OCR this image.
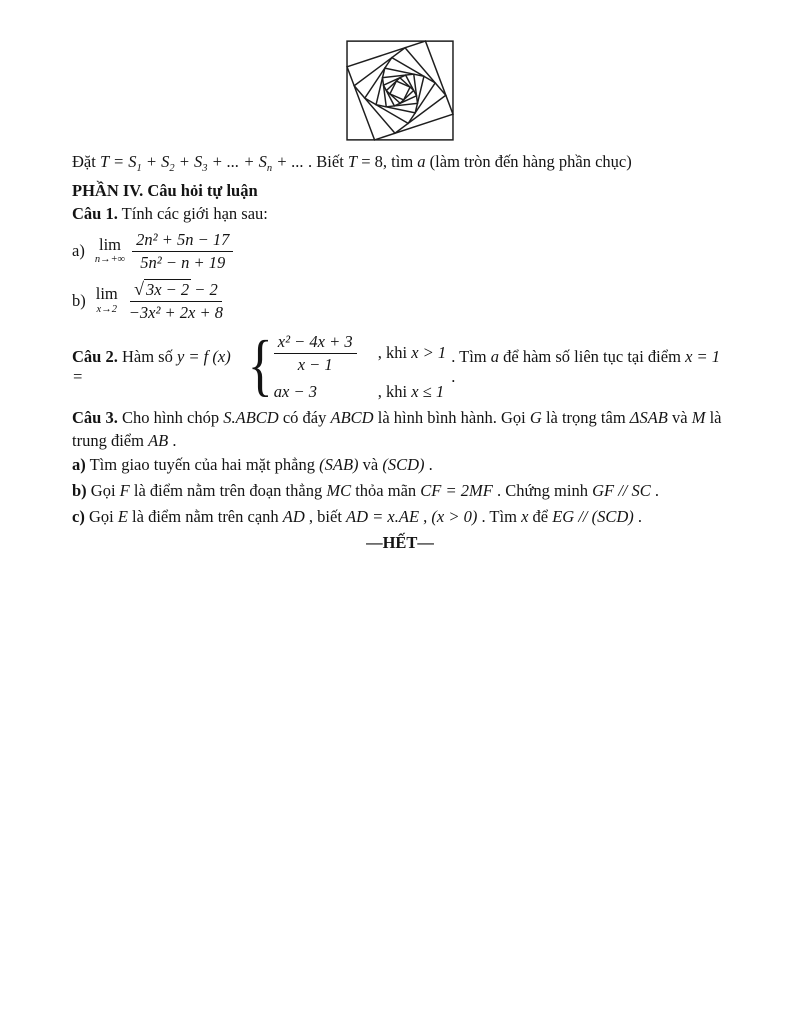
Đặt $T = S_1 + S_2 + S_3$ + ... + $S_n$ + ... . Biết T = 8, tìm a (làm tròn đến hàng phần chục)

PHẦN IV. Câu hỏi tự luận

Câu 1. Tính các giới hạn sau:

a) lim
$n\to+\infty \frac{\text{2n² + 5n − 17}}{\text{5n² − n + 19}}$
b) lim
$x\to 2 \frac{√ 3x - 2 - 2}{\text{−3x² + 2x + 8}}$
Câu 2. Hàm số y = f (x) =	{ $\frac{\text{x² − 4x + 3}}{x - 1}$ , khi x > 1
ax − 3	, khi x ≤ 1
. Tìm a để hàm số liên tục tại điểm x = 1 .

Câu 3. Cho hình chóp S.ABCD có đáy ABCD là hình bình hành. Gọi G là trọng tâm ΔSAB và M là trung điểm AB .

a) Tìm giao tuyến của hai mặt phẳng (SAB) và (SCD) .

b) Gọi F là điểm nằm trên đoạn thẳng MC thỏa mãn CF = 2MF . Chứng minh GF // SC .

c) Gọi E là điểm nằm trên cạnh AD , biết AD = x.AE , (x > 0) . Tìm x để EG // (SCD) .

—HẾT—
